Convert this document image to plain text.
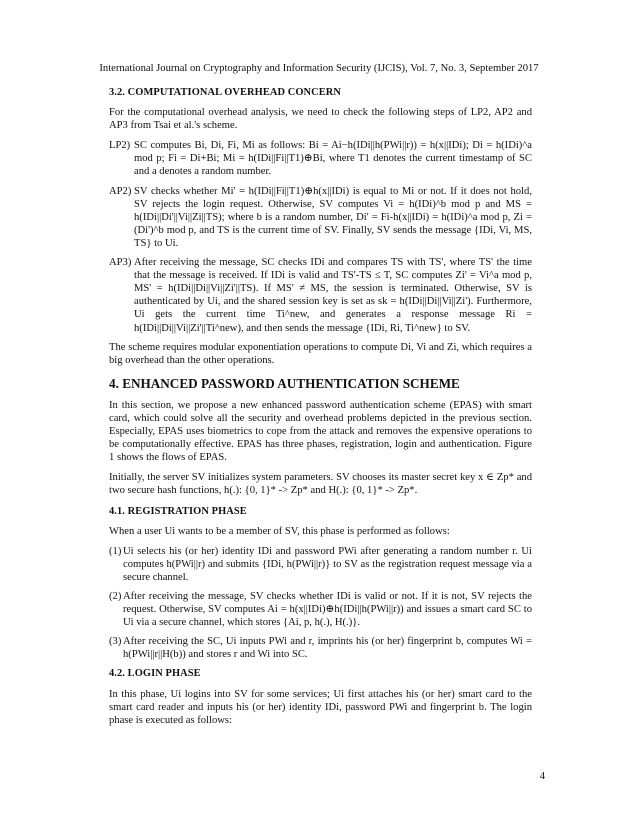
International Journal on Cryptography and Information Security (IJCIS), Vol. 7, No. 3, September 2017
3.2. COMPUTATIONAL OVERHEAD CONCERN

For the computational overhead analysis, we need to check the following steps of LP2, AP2 and AP3 from Tsai et al.'s scheme.

LP2) SC computes Bi, Di, Fi, Mi as follows: Bi = Ai−h(IDi||h(PWi||r)) = h(x||IDi); Di = h(IDi)^a mod p; Fi = Di+Bi; Mi = h(IDi||Fi||T1)⊕Bi, where T1 denotes the current timestamp of SC and a denotes a random number.
AP2) SV checks whether Mi' = h(IDi||Fi||T1)⊕h(x||IDi) is equal to Mi or not. If it does not hold, SV rejects the login request. Otherwise, SV computes Vi = h(IDi)^b mod p and MS = h(IDi||Di'||Vi||Zi||TS); where b is a random number, Di' = Fi-h(x||IDi) = h(IDi)^a mod p, Zi = (Di')^b mod p, and TS is the current time of SV. Finally, SV sends the message {IDi, Vi, MS, TS} to Ui.
AP3) After receiving the message, SC checks IDi and compares TS with TS', where TS' the time that the message is received. If IDi is valid and TS'-TS ≤ T, SC computes Zi' = Vi^a mod p, MS' = h(IDi||Di||Vi||Zi'||TS). If MS' ≠ MS, the session is terminated. Otherwise, SV is authenticated by Ui, and the shared session key is set as sk = h(IDi||Di||Vi||Zi'). Furthermore, Ui gets the current time Ti^new, and generates a response message Ri = h(IDi||Di||Vi||Zi'||Ti^new), and then sends the message {IDi, Ri, Ti^new} to SV.

The scheme requires modular exponentiation operations to compute Di, Vi and Zi, which requires a big overhead than the other operations.

4. ENHANCED PASSWORD AUTHENTICATION SCHEME

In this section, we propose a new enhanced password authentication scheme (EPAS) with smart card, which could solve all the security and overhead problems depicted in the previous section. Especially, EPAS uses biometrics to cope from the attack and removes the expensive operations to be computationally effective. EPAS has three phases, registration, login and authentication. Figure 1 shows the flows of EPAS.

Initially, the server SV initializes system parameters. SV chooses its master secret key x ∈ Zp* and two secure hash functions, h(.): {0, 1}* -> Zp* and H(.): {0, 1}* -> Zp*.

4.1. REGISTRATION PHASE

When a user Ui wants to be a member of SV, this phase is performed as follows:

(1) Ui selects his (or her) identity IDi and password PWi after generating a random number r. Ui computes h(PWi||r) and submits {IDi, h(PWi||r)} to SV as the registration request message via a secure channel.
(2) After receiving the message, SV checks whether IDi is valid or not. If it is not, SV rejects the request. Otherwise, SV computes Ai = h(x||IDi)⊕h(IDi||h(PWi||r)) and issues a smart card SC to Ui via a secure channel, which stores {Ai, p, h(.), H(.)}.
(3) After receiving the SC, Ui inputs PWi and r, imprints his (or her) fingerprint b, computes Wi = h(PWi||r||H(b)) and stores r and Wi into SC.
4.2. LOGIN PHASE

In this phase, Ui logins into SV for some services; Ui first attaches his (or her) smart card to the smart card reader and inputs his (or her) identity IDi, password PWi and fingerprint b. The login phase is executed as follows:

4
